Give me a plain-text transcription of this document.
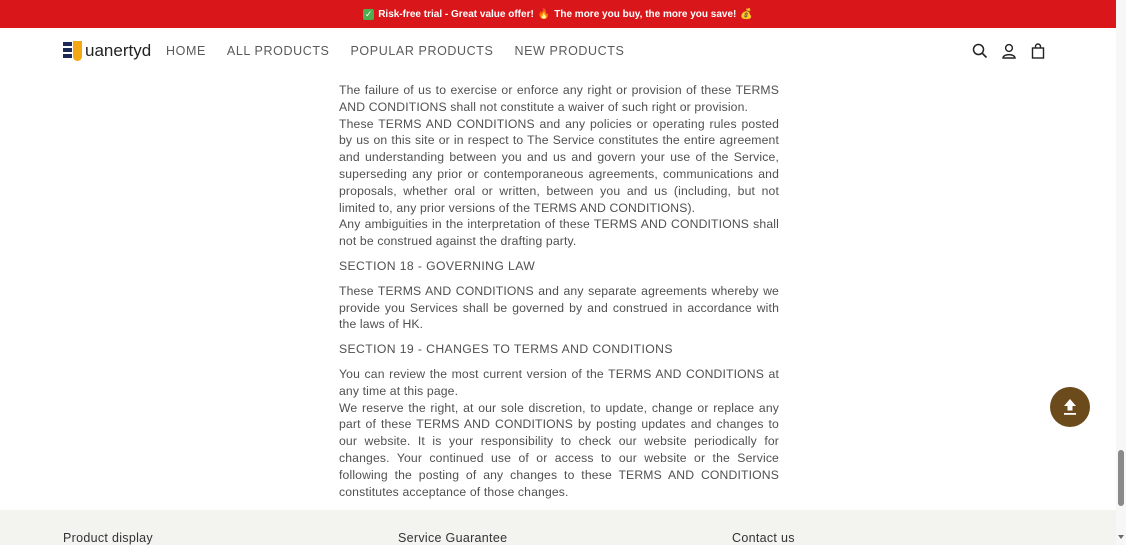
✓ Risk-free trial - Great value offer! 🔥 The more you buy, the more you save! 💰
uanertyd HOME ALL PRODUCTS POPULAR PRODUCTS NEW PRODUCTS

The failure of us to exercise or enforce any right or provision of these TERMS AND CONDITIONS shall not constitute a waiver of such right or provision.
These TERMS AND CONDITIONS and any policies or operating rules posted by us on this site or in respect to The Service constitutes the entire agreement and understanding between you and us and govern your use of the Service, superseding any prior or contemporaneous agreements, communications and proposals, whether oral or written, between you and us (including, but not limited to, any prior versions of the TERMS AND CONDITIONS).
Any ambiguities in the interpretation of these TERMS AND CONDITIONS shall not be construed against the drafting party.

SECTION 18 - GOVERNING LAW

These TERMS AND CONDITIONS and any separate agreements whereby we provide you Services shall be governed by and construed in accordance with the laws of HK.

SECTION 19 - CHANGES TO TERMS AND CONDITIONS

You can review the most current version of the TERMS AND CONDITIONS at any time at this page.
We reserve the right, at our sole discretion, to update, change or replace any part of these TERMS AND CONDITIONS by posting updates and changes to our website. It is your responsibility to check our website periodically for changes. Your continued use of or access to our website or the Service following the posting of any changes to these TERMS AND CONDITIONS constitutes acceptance of those changes.

Product display	Service Guarantee	Contact us
